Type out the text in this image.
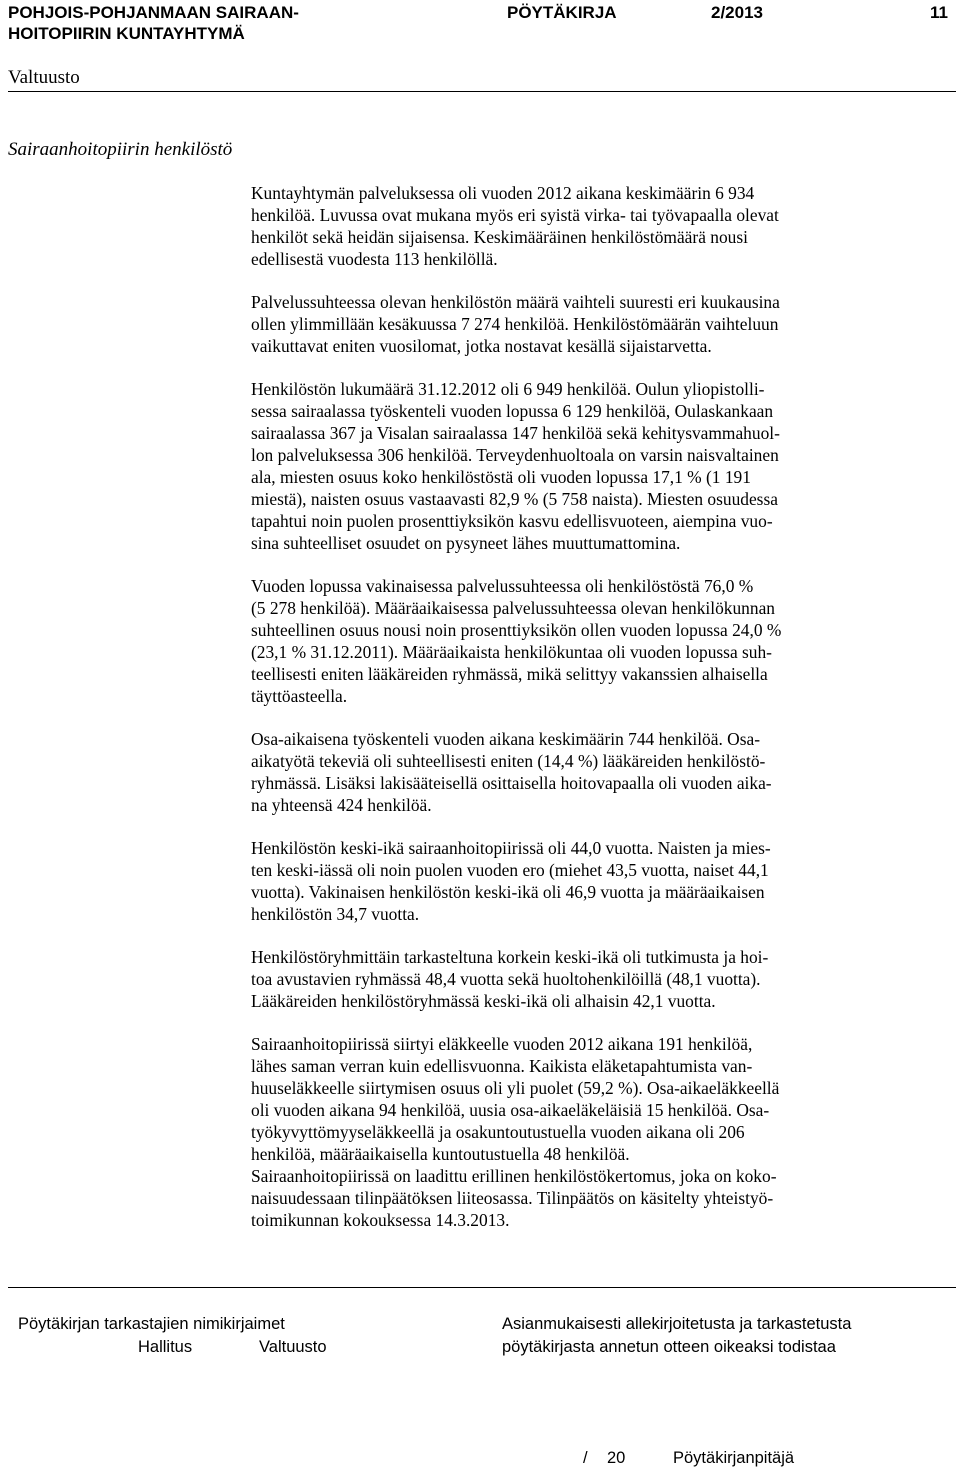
POHJOIS-POHJANMAAN SAIRAAN-
HOITOPIIRIN KUNTAYHTYMÄ
PÖYTÄKIRJA	2/2013	11
Valtuusto
Sairaanhoitopiirin henkilöstö

Kuntayhtymän palveluksessa oli vuoden 2012 aikana keskimäärin 6 934
henkilöä. Luvussa ovat mukana myös eri syistä virka- tai työvapaalla olevat
henkilöt sekä heidän sijaisensa. Keskimääräinen henkilöstömäärä nousi
edellisestä vuodesta 113 henkilöllä.

Palvelussuhteessa olevan henkilöstön määrä vaihteli suuresti eri kuukausina
ollen ylimmillään kesäkuussa 7 274 henkilöä. Henkilöstömäärän vaihteluun
vaikuttavat eniten vuosilomat, jotka nostavat kesällä sijaistarvetta.

Henkilöstön lukumäärä 31.12.2012 oli 6 949 henkilöä. Oulun yliopistolli-
sessa sairaalassa työskenteli vuoden lopussa 6 129 henkilöä, Oulaskankaan
sairaalassa 367 ja Visalan sairaalassa 147 henkilöä sekä kehitysvammahuol-
lon palveluksessa 306 henkilöä. Terveydenhuoltoala on varsin naisvaltainen
ala, miesten osuus koko henkilöstöstä oli vuoden lopussa 17,1 % (1 191
miestä), naisten osuus vastaavasti 82,9 % (5 758 naista). Miesten osuudessa
tapahtui noin puolen prosenttiyksikön kasvu edellisvuoteen, aiempina vuo-
sina suhteelliset osuudet on pysyneet lähes muuttumattomina.

Vuoden lopussa vakinaisessa palvelussuhteessa oli henkilöstöstä 76,0 %
(5 278 henkilöä). Määräaikaisessa palvelussuhteessa olevan henkilökunnan
suhteellinen osuus nousi noin prosenttiyksikön ollen vuoden lopussa 24,0 %
(23,1 % 31.12.2011). Määräaikaista henkilökuntaa oli vuoden lopussa suh-
teellisesti eniten lääkäreiden ryhmässä, mikä selittyy vakanssien alhaisella
täyttöasteella.

Osa-aikaisena työskenteli vuoden aikana keskimäärin 744 henkilöä. Osa-
aikatyötä tekeviä oli suhteellisesti eniten (14,4 %) lääkäreiden henkilöstö-
ryhmässä. Lisäksi lakisääteisellä osittaisella hoitovapaalla oli vuoden aika-
na yhteensä 424 henkilöä.

Henkilöstön keski-ikä sairaanhoitopiirissä oli 44,0 vuotta. Naisten ja mies-
ten keski-iässä oli noin puolen vuoden ero (miehet 43,5 vuotta, naiset 44,1
vuotta). Vakinaisen henkilöstön keski-ikä oli 46,9 vuotta ja määräaikaisen
henkilöstön 34,7 vuotta.

Henkilöstöryhmittäin tarkasteltuna korkein keski-ikä oli tutkimusta ja hoi-
toa avustavien ryhmässä 48,4 vuotta sekä huoltohenkilöillä (48,1 vuotta).
Lääkäreiden henkilöstöryhmässä keski-ikä oli alhaisin 42,1 vuotta.

Sairaanhoitopiirissä siirtyi eläkkeelle vuoden 2012 aikana 191 henkilöä,
lähes saman verran kuin edellisvuonna. Kaikista eläketapahtumista van-
huuseläkkeelle siirtymisen osuus oli yli puolet (59,2 %). Osa-aikaeläkkeellä
oli vuoden aikana 94 henkilöä, uusia osa-aikaeläkeläisiä 15 henkilöä. Osa-
työkyvyttömyyseläkkeellä ja osakuntoutustuella vuoden aikana oli 206
henkilöä, määräaikaisella kuntoutustuella 48 henkilöä.

Sairaanhoitopiirissä on laadittu erillinen henkilöstökertomus, joka on koko-
naisuudessaan tilinpäätöksen liiteosassa. Tilinpäätös on käsitelty yhteistyö-
toimikunnan kokouksessa 14.3.2013.

Pöytäkirjan tarkastajien nimikirjaimet
Hallitus	Valtuusto
Asianmukaisesti allekirjoitetusta ja tarkastetusta
pöytäkirjasta annetun otteen oikeaksi todistaa
/ 20	Pöytäkirjanpitäjä
